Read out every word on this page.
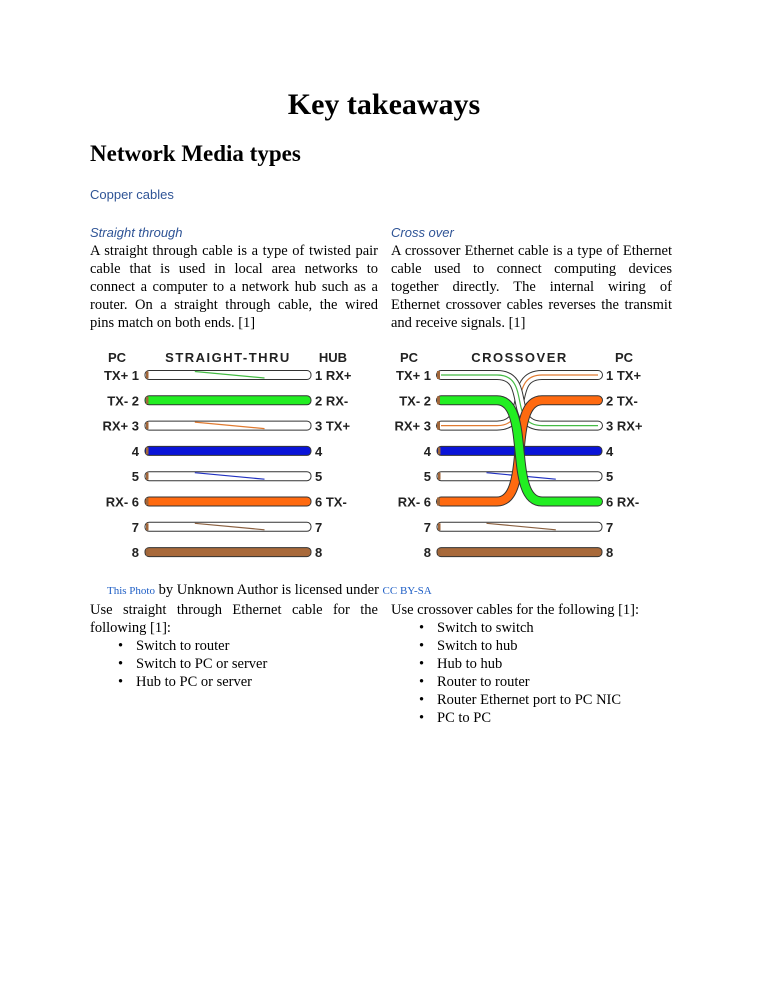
Key takeaways
Network Media types
Copper cables
Straight through
A straight through cable is a type of twisted pair cable that is used in local area networks to connect a computer to a network hub such as a router. On a straight through cable, the wired pins match on both ends. [1]
Cross over
A crossover Ethernet cable is a type of Ethernet cable used to connect computing devices together directly. The internal wiring of Ethernet crossover cables reverses the transmit and receive signals. [1]
PC	STRAIGHT-THRU HUB
TX+ 1	1 RX+
TX- 2	2 RX-
RX+ 3	3 TX+
4	4
5	5
RX- 6	6 TX-
7	7
8	8
PC	CROSSOVER	PC
TX+ 1	1 TX+
TX- 2	2 TX-
RX+ 3	3 RX+
4	4
5	5
RX- 6	6 RX-
7	7
8	8
This Photo by Unknown Author is licensed under CC BY-SA
Use straight through Ethernet cable for the following [1]:
• Switch to router
• Switch to PC or server
• Hub to PC or server
Use crossover cables for the following [1]:
• Switch to switch
• Switch to hub
• Hub to hub
• Router to router
• Router Ethernet port to PC NIC
• PC to PC
